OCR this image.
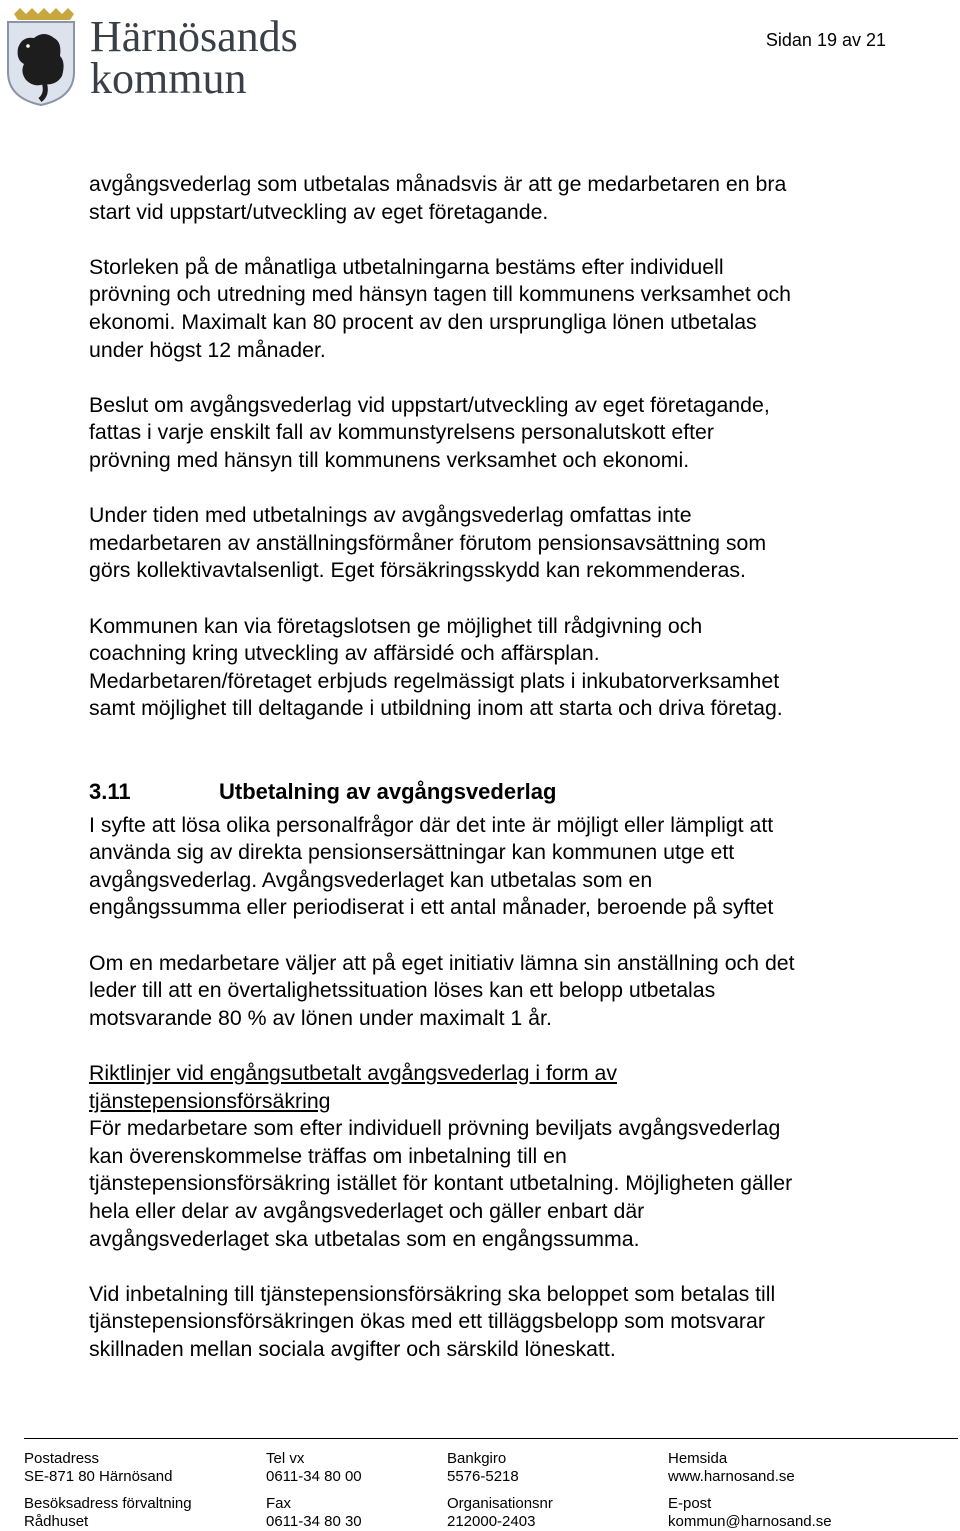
Härnösands
kommun
Sidan 19 av 21

avgångsvederlag som utbetalas månadsvis är att ge medarbetaren en bra

start vid uppstart/utveckling av eget företagande.

Storleken på de månatliga utbetalningarna bestäms efter individuell

prövning och utredning med hänsyn tagen till kommunens verksamhet och

ekonomi. Maximalt kan 80 procent av den ursprungliga lönen utbetalas

under högst 12 månader.

Beslut om avgångsvederlag vid uppstart/utveckling av eget företagande,

fattas i varje enskilt fall av kommunstyrelsens personalutskott efter

prövning med hänsyn till kommunens verksamhet och ekonomi.

Under tiden med utbetalnings av avgångsvederlag omfattas inte

medarbetaren av anställningsförmåner förutom pensionsavsättning som

görs kollektivavtalsenligt. Eget försäkringsskydd kan rekommenderas.

Kommunen kan via företagslotsen ge möjlighet till rådgivning och

coachning kring utveckling av affärsidé och affärsplan.

Medarbetaren/företaget erbjuds regelmässigt plats i inkubatorverksamhet

samt möjlighet till deltagande i utbildning inom att starta och driva företag.

3.11	Utbetalning av avgångsvederlag

I syfte att lösa olika personalfrågor där det inte är möjligt eller lämpligt att

använda sig av direkta pensionsersättningar kan kommunen utge ett

avgångsvederlag. Avgångsvederlaget kan utbetalas som en

engångssumma eller periodiserat i ett antal månader, beroende på syftet

Om en medarbetare väljer att på eget initiativ lämna sin anställning och det

leder till att en övertalighetssituation löses kan ett belopp utbetalas

motsvarande 80 % av lönen under maximalt 1 år.

Riktlinjer vid engångsutbetalt avgångsvederlag i form av

tjänstepensionsförsäkring

För medarbetare som efter individuell prövning beviljats avgångsvederlag

kan överenskommelse träffas om inbetalning till en

tjänstepensionsförsäkring istället för kontant utbetalning. Möjligheten gäller

hela eller delar av avgångsvederlaget och gäller enbart där

avgångsvederlaget ska utbetalas som en engångssumma.

Vid inbetalning till tjänstepensionsförsäkring ska beloppet som betalas till

tjänstepensionsförsäkringen ökas med ett tilläggsbelopp som motsvarar

skillnaden mellan sociala avgifter och särskild löneskatt.

Postadress
SE-871 80 Härnösand
Besöksadress förvaltning
Rådhuset
Tel vx
0611-34 80 00
Fax
0611-34 80 30
Bankgiro
5576-5218
Organisationsnr
212000-2403
Hemsida
www.harnosand.se
E-post
kommun@harnosand.se
